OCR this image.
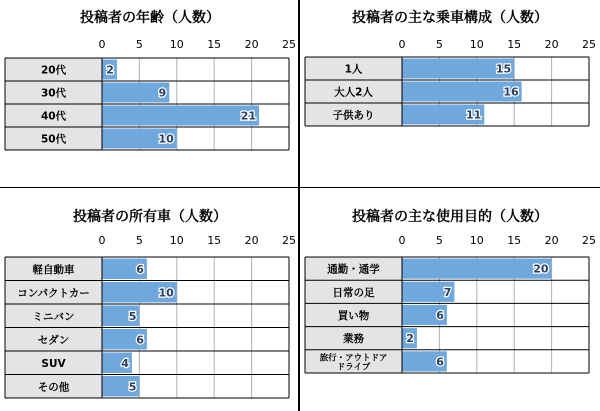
投稿者の年齢（人数）
0	5 10 15 20 25
20代	2
30代	9
40代	21
50代	10
投稿者の主な乗車構成（人数）
0	5 10 15 20 25
1人	15
大人2人	16
子供あり	11
投稿者の所有車（人数）
0	5 10 15 20 25
軽自動車	6
コンパクトカー	10
ミニバン	5
セダン	6
SUV	4
その他	5
投稿者の主な使用目的（人数）
0	5 10 15 20 25
通勤・通学	20
日常の足	7
買い物	6
業務	2
旅行・アウトドアドライブ	6
